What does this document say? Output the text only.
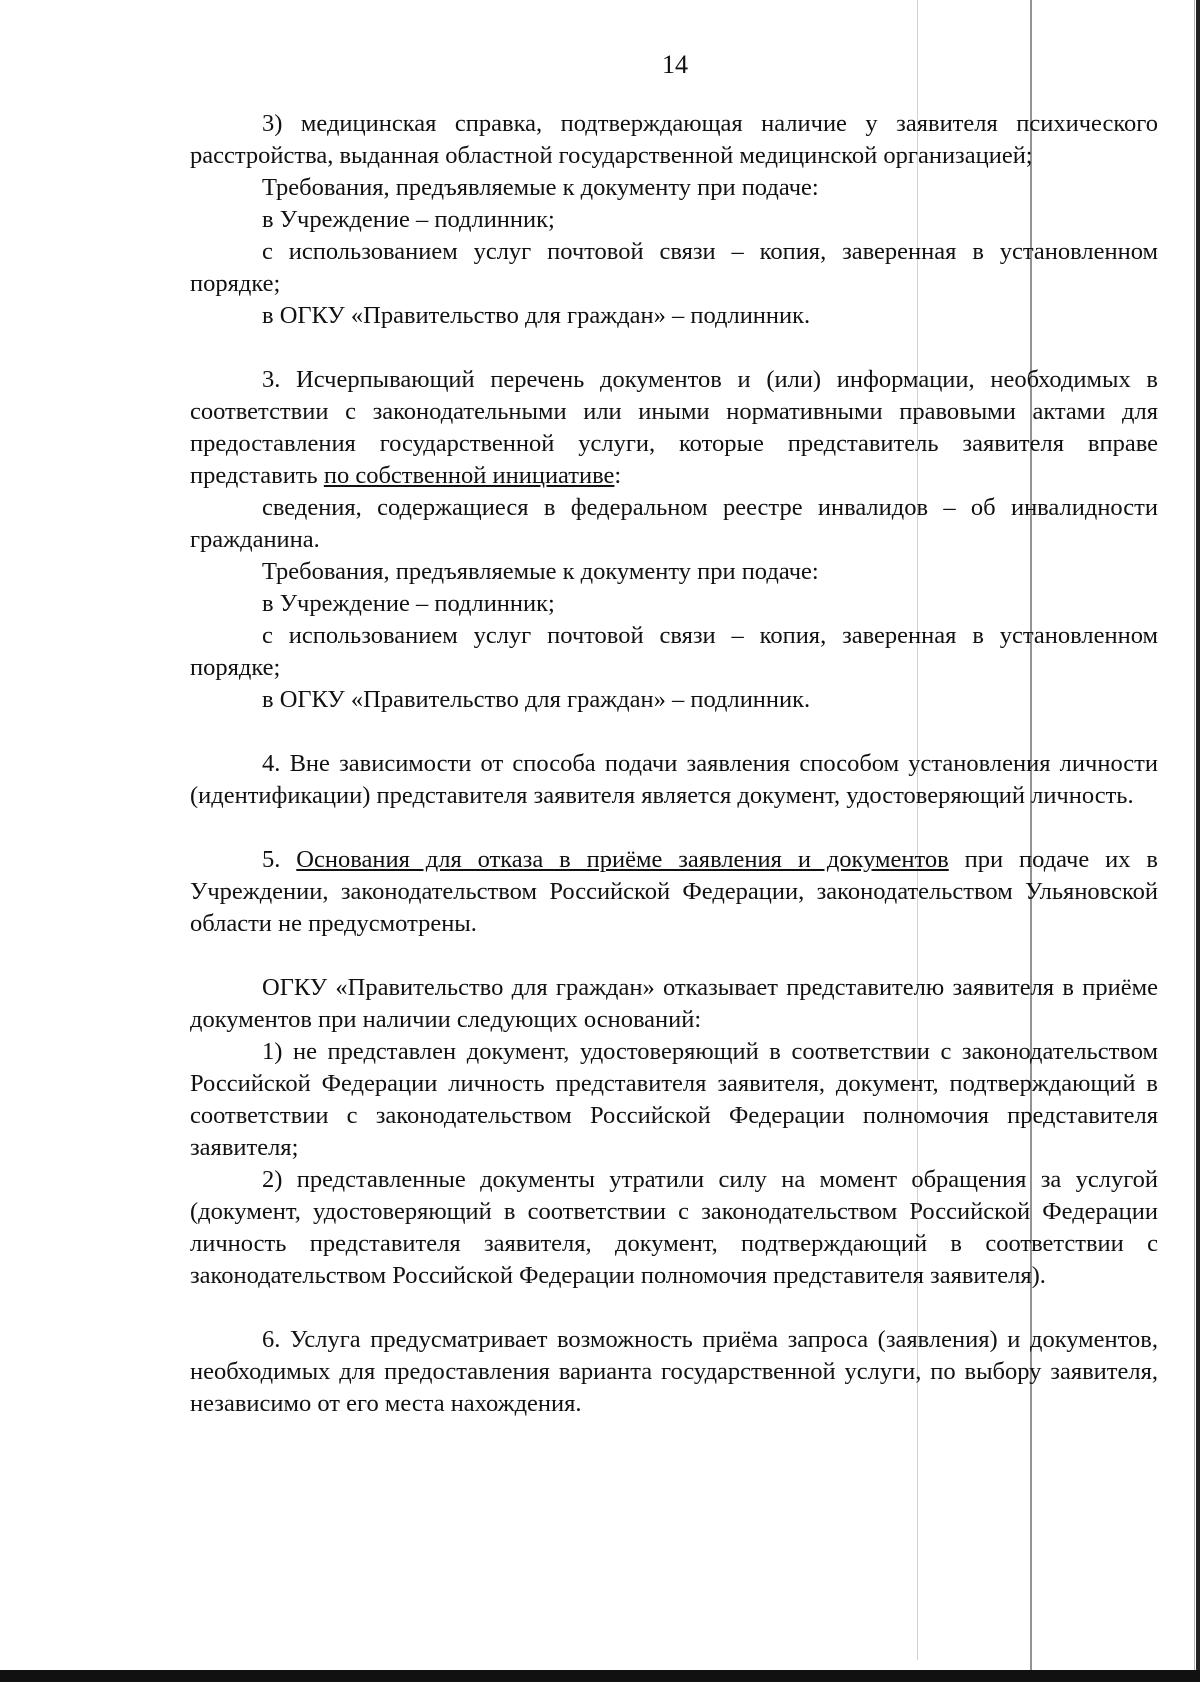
14

3) медицинская справка, подтверждающая наличие у заявителя психического расстройства, выданная областной государственной медицинской организацией;

Требования, предъявляемые к документу при подаче:

в Учреждение – подлинник;

с использованием услуг почтовой связи – копия, заверенная в установленном порядке;

в ОГКУ «Правительство для граждан» – подлинник.

3. Исчерпывающий перечень документов и (или) информации, необходимых в соответствии с законодательными или иными нормативными правовыми актами для предоставления государственной услуги, которые представитель заявителя вправе представить по собственной инициативе:

сведения, содержащиеся в федеральном реестре инвалидов – об инвалидности гражданина.

Требования, предъявляемые к документу при подаче:

в Учреждение – подлинник;

с использованием услуг почтовой связи – копия, заверенная в установленном порядке;

в ОГКУ «Правительство для граждан» – подлинник.

4. Вне зависимости от способа подачи заявления способом установления личности (идентификации) представителя заявителя является документ, удостоверяющий личность.

5. Основания для отказа в приёме заявления и документов при подаче их в Учреждении, законодательством Российской Федерации, законодательством Ульяновской области не предусмотрены.

ОГКУ «Правительство для граждан» отказывает представителю заявителя в приёме документов при наличии следующих оснований:

1) не представлен документ, удостоверяющий в соответствии с законодательством Российской Федерации личность представителя заявителя, документ, подтверждающий в соответствии с законодательством Российской Федерации полномочия представителя заявителя;

2) представленные документы утратили силу на момент обращения за услугой (документ, удостоверяющий в соответствии с законодательством Российской Федерации личность представителя заявителя, документ, подтверждающий в соответствии с законодательством Российской Федерации полномочия представителя заявителя).

6. Услуга предусматривает возможность приёма запроса (заявления) и документов, необходимых для предоставления варианта государственной услуги, по выбору заявителя, независимо от его места нахождения.
